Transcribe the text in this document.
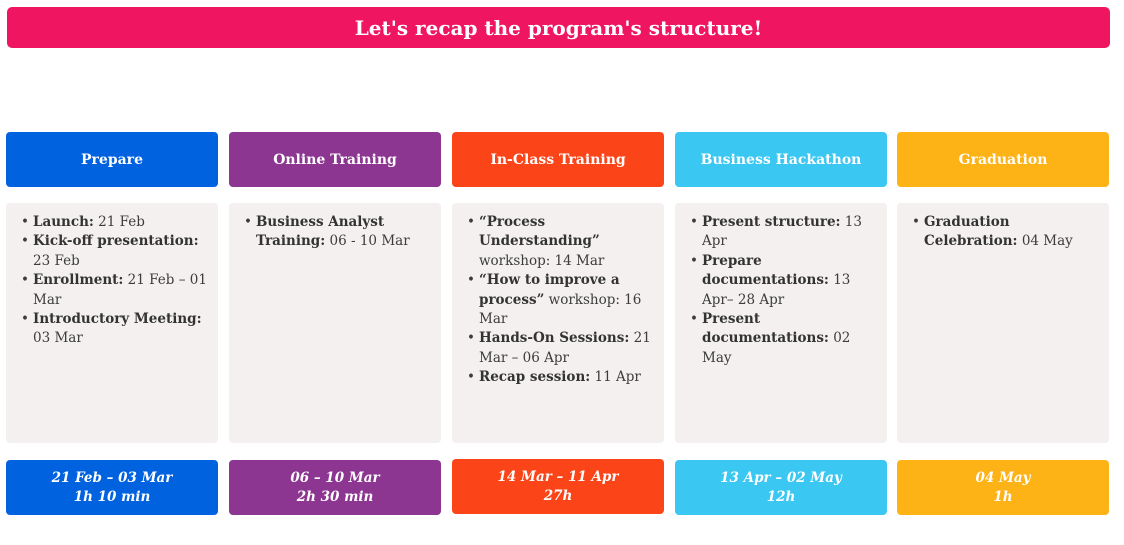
Let's recap the program's structure!
Prepare
• Launch: 21 Feb
• Kick-off presentation: 23 Feb
• Enrollment: 21 Feb – 01 Mar
• Introductory Meeting: 03 Mar
21 Feb – 03 Mar
1h 10 min
Online Training
• Business Analyst Training: 06 - 10 Mar
06 – 10 Mar
2h 30 min
In-Class Training
• “Process Understanding” workshop: 14 Mar
• “How to improve a process” workshop: 16 Mar
• Hands-On Sessions: 21 Mar – 06 Apr
• Recap session: 11 Apr
14 Mar – 11 Apr
27h
Business Hackathon
• Present structure: 13 Apr
• Prepare documentations: 13 Apr– 28 Apr
• Present documentations: 02 May
13 Apr – 02 May
12h
Graduation
• Graduation Celebration: 04 May
04 May
1h
